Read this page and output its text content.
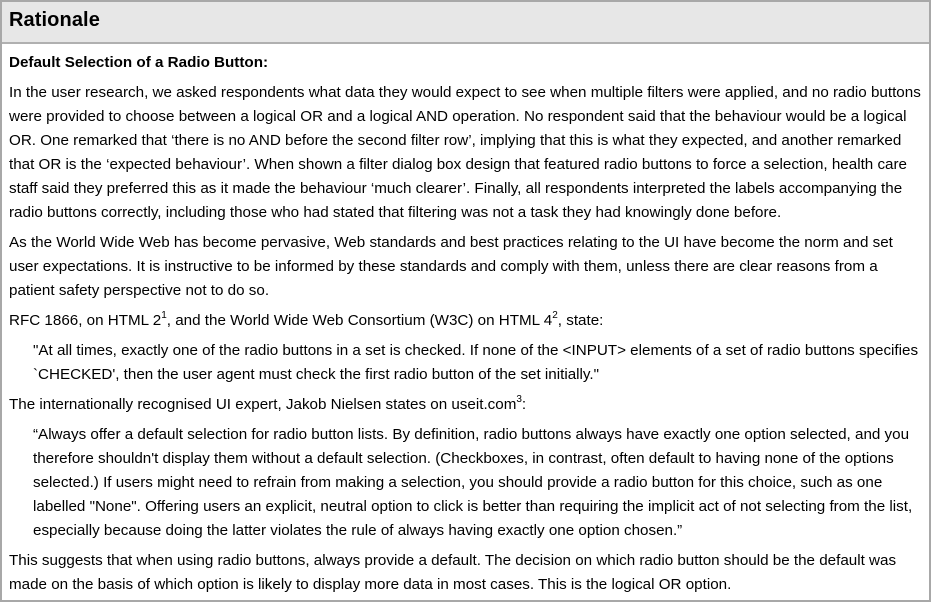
Rationale
Default Selection of a Radio Button:

In the user research, we asked respondents what data they would expect to see when multiple filters were applied, and no radio buttons were provided to choose between a logical OR and a logical AND operation. No respondent said that the behaviour would be a logical OR. One remarked that ‘there is no AND before the second filter row’, implying that this is what they expected, and another remarked that OR is the ‘expected behaviour’. When shown a filter dialog box design that featured radio buttons to force a selection, health care staff said they preferred this as it made the behaviour ‘much clearer’. Finally, all respondents interpreted the labels accompanying the radio buttons correctly, including those who had stated that filtering was not a task they had knowingly done before.

As the World Wide Web has become pervasive, Web standards and best practices relating to the UI have become the norm and set user expectations. It is instructive to be informed by these standards and comply with them, unless there are clear reasons from a patient safety perspective not to do so.

RFC 1866, on HTML $2^1$, and the World Wide Web Consortium (W3C) on HTML $4^2$, state:

"At all times, exactly one of the radio buttons in a set is checked. If none of the <INPUT> elements of a set of radio buttons specifies `CHECKED', then the user agent must check the first radio button of the set initially."

The internationally recognised UI expert, Jakob Nielsen states on useit.com$^3$:

“Always offer a default selection for radio button lists. By definition, radio buttons always have exactly one option selected, and you therefore shouldn't display them without a default selection. (Checkboxes, in contrast, often default to having none of the options selected.) If users might need to refrain from making a selection, you should provide a radio button for this choice, such as one labelled "None". Offering users an explicit, neutral option to click is better than requiring the implicit act of not selecting from the list, especially because doing the latter violates the rule of always having exactly one option chosen.”

This suggests that when using radio buttons, always provide a default. The decision on which radio button should be the default was made on the basis of which option is likely to display more data in most cases. This is the logical OR option.
